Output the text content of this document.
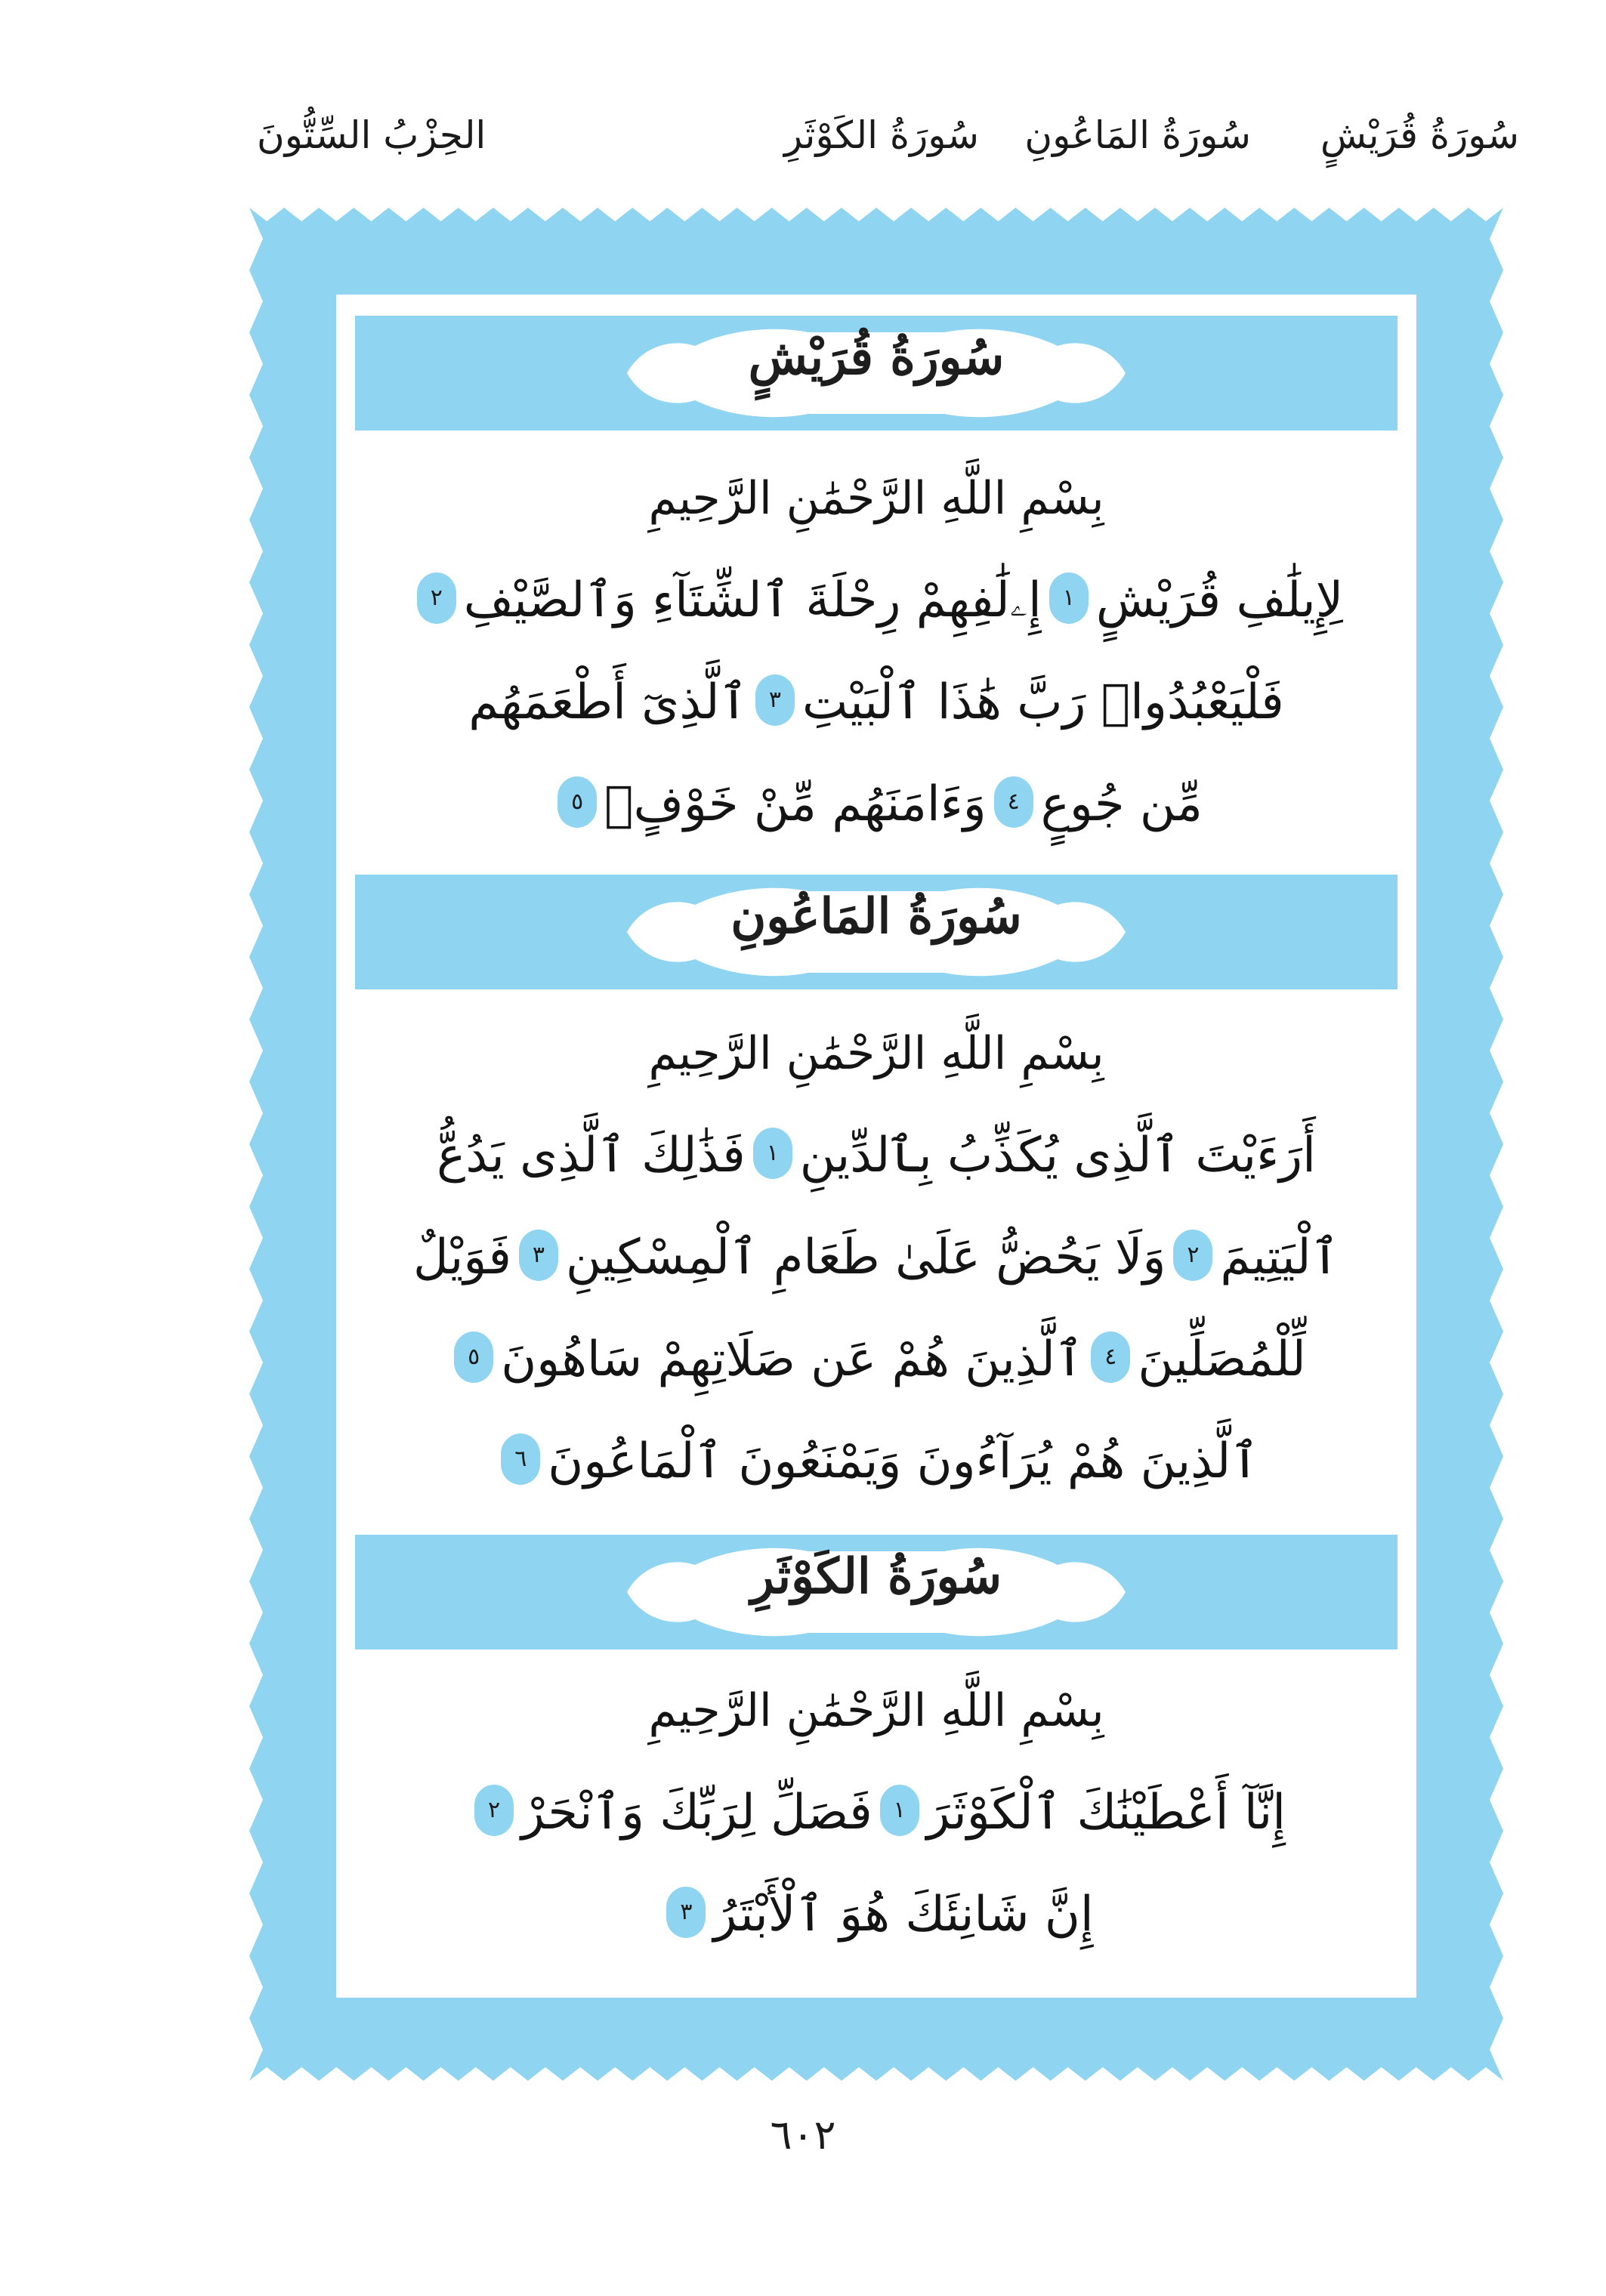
سُورَةُ قُرَيْشٍ
سُورَةُ المَاعُونِ
سُورَةُ الكَوْثَرِ
الحِزْبُ السِّتُّونَ
سُورَةُ قُرَيْشٍ
سُورَةُ المَاعُونِ
سُورَةُ الكَوْثَرِ
بِسْمِ اللَّهِ الرَّحْمَٰنِ الرَّحِيمِ
لِإِيلَٰفِ قُرَيْشٍ١إِۦلَٰفِهِمْ رِحْلَةَ ٱلشِّتَآءِ وَٱلصَّيْفِ٢
فَلْيَعْبُدُوا۟ رَبَّ هَٰذَا ٱلْبَيْتِ٣ٱلَّذِىٓ أَطْعَمَهُم
مِّن جُوعٍ٤وَءَامَنَهُم مِّنْ خَوْفٍۭ٥
بِسْمِ اللَّهِ الرَّحْمَٰنِ الرَّحِيمِ
أَرَءَيْتَ ٱلَّذِى يُكَذِّبُ بِٱلدِّينِ١فَذَٰلِكَ ٱلَّذِى يَدُعُّ
ٱلْيَتِيمَ٢وَلَا يَحُضُّ عَلَىٰ طَعَامِ ٱلْمِسْكِينِ٣فَوَيْلٌ
لِّلْمُصَلِّينَ٤ٱلَّذِينَ هُمْ عَن صَلَاتِهِمْ سَاهُونَ٥
ٱلَّذِينَ هُمْ يُرَآءُونَ وَيَمْنَعُونَ ٱلْمَاعُونَ٦
بِسْمِ اللَّهِ الرَّحْمَٰنِ الرَّحِيمِ
إِنَّآ أَعْطَيْنَٰكَ ٱلْكَوْثَرَ١فَصَلِّ لِرَبِّكَ وَٱنْحَرْ٢
إِنَّ شَانِئَكَ هُوَ ٱلْأَبْتَرُ٣
٦٠٢
